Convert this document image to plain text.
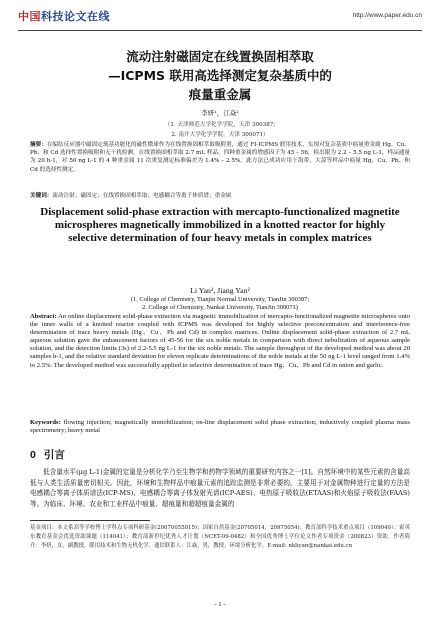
中国科技论文在线	http://www.paper.edu.cn
流动注射磁固定在线置换固相萃取
—ICPMS 联用高选择测定复杂基质中的
痕量重金属
李妍¹，江焱²
（1. 天津师范大学化学学院，天津 300387;
2. 南开大学化学学院，天津 300071）

摘要：在编结反应器中磁固定巯基功能化的磁性微球作为在线置换固相萃取吸附剂，通过 FI-ICPMS 联用技术，实现对复杂基质中痕量重金属 Hg、Cu、Pb、和 Cd 选择性置换吸附和无干扰检测。在线置换固相萃取 2.7 mL 样品，四种重金属的增感因子为 45 – 56，检出限为 2.2 – 5.5 ng L-1，样品通量为 20 h-1，对 50 ng L-1 的 4 种重金属 11 次重复测定标准偏差为 1.4% – 2.5%。此方法已成功应用于海带，大蒜等样品中痕量 Hg、Cu、Pb、和 Cd 的选择性测定。

关键词：流动注射；磁固定；在线置换固相萃取；电感耦合等离子体质谱；重金属

Displacement solid-phase extraction with mercapto-functionalized magnetite microspheres magnetically immobilized in a knotted reactor for highly selective determination of four heavy metals in complex matrices
Li Yan¹, Jiang Yan²
(1. College of Chemistry, Tianjin Normal University, TianJin 300387;
2. College of Chemistry, Nankai University, TianJin 300071)

Abstract: An online displacement solid-phase extraction via magnetic immobilization of mercapto-functionalized magnetite microspheres onto the inner walls of a knotted reactor coupled with ICPMS was developed for highly selective preconcentration and interference-free determination of trace heavy metals (Hg、Cu、Pb and Cd) in complex matrices. Online displacement solid-phase extraction of 2.7 mL aqueous solution gave the enhancement factors of 45-56 for the six noble metals in comparison with direct nebulization of aqueous sample solution, and the detection limits (3s) of 2.2-5.5 ng L-1 for the six noble metals. The sample throughput of the developed method was about 20 samples h-1, and the relative standard deviation for eleven replicate determinations of the noble metals at the 50 ng L-1 level ranged from 1.4% to 2.5%. The developed method was successfully applied to selective determination of trace Hg、Cu、Pb and Cd in onion and garlic.

Keywords: flowing injection; magnetically immobilization; on-line displacement solid phase extraction; inductively coupled plasma mass spectrometry; heavy metal

0 引言

低含量水平(μg L-1)金属的定量是分析化学乃至生物学和药物学领域的重要研究内容之一[1]。自然环境中的某些元素的含量高低与人类生活质量密切相关。因此，环境和生物样品中痕量元素的追踪监测是非常必要的。主要用于对金属物种进行定量的方法是电感耦合等离子体质谱法(ICP-MS)、电感耦合等离子体发射光谱(ICP-AES)、电热原子吸收法(ETAAS)和火焰原子吸收法(FAAS)等。为临床、环境、农业和工业样品中痕量、超痕量和超超痕量金属的

基金项目：本文系高等学校博士学科点专项科研基金(20070055015)；国家自然基金(20705014，20975054)；教育部科学技术重点项目（109040）；霍英东教育基金会优选资助课题（114041）；教育部新世纪优秀人才计划（NCET-09-0482）和全国优秀博士学位论文作者专项资金（200823）资助。作者简介：李妍，女，副教授，联用技术和生物无机化学。通信联系人：江焱，男，教授，环境分析化学。E-mail: nkliyan@nankai.edu.cn

- 1 -
